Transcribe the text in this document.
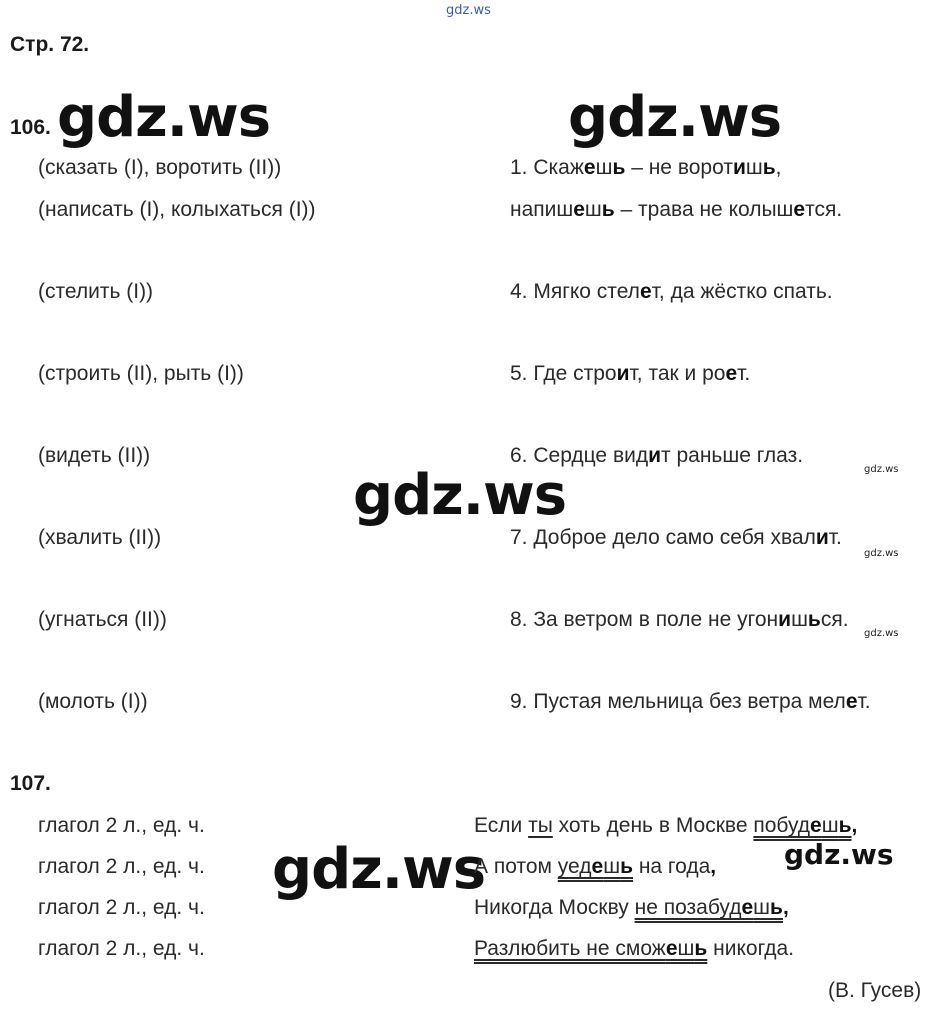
gdz.ws
gdz.ws	gdz.ws
gdz.ws
gdz.ws	gdz.ws
gdz.ws
gdz.ws
gdz.ws
Стр. 72.
106.
(сказать (I), воротить (II))
(написать (I), колыхаться (I))
(стелить (I))
(строить (II), рыть (I))
(видеть (II))
(хвалить (II))
(угнаться (II))
(молоть (I))
1. Скажешь – не воротишь,
напишешь – трава не колышется.
4. Мягко стелет, да жёстко спать.
5. Где строит, так и роет.
6. Сердце видит раньше глаз.
7. Доброе дело само себя хвалит.
8. За ветром в поле не угонишься.
9. Пустая мельница без ветра мелет.
107.
глагол 2 л., ед. ч.
глагол 2 л., ед. ч.
глагол 2 л., ед. ч.
глагол 2 л., ед. ч.
Если ты хоть день в Москве побудешь,
А потом уедешь на года,
Никогда Москву не позабудешь,
Разлюбить не сможешь никогда.
(В. Гусев)
